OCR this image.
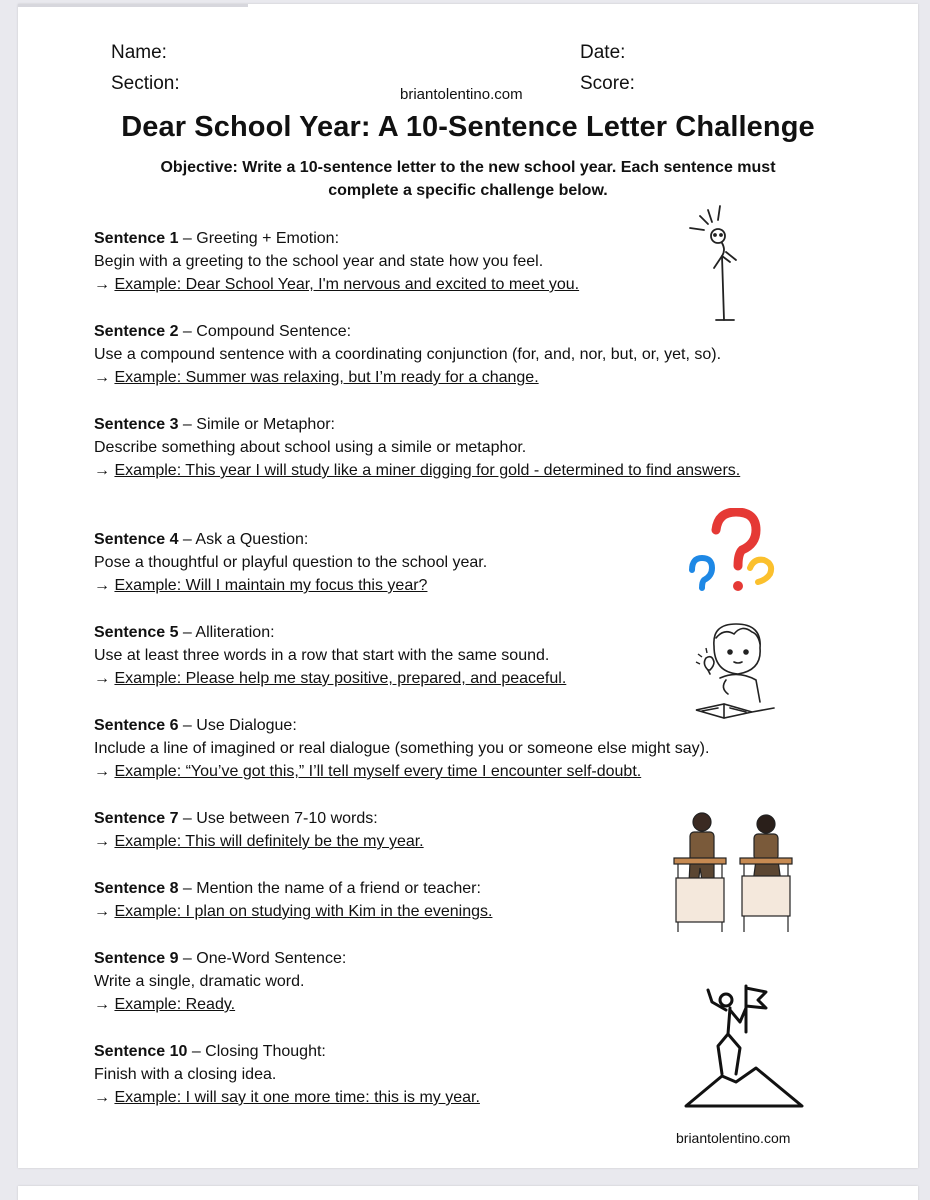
Name:	Date:
Section:	Score:
briantolentino.com
Dear School Year: A 10-Sentence Letter Challenge
Objective: Write a 10-sentence letter to the new school year. Each sentence must complete a specific challenge below.
Sentence 1 – Greeting + Emotion:
Begin with a greeting to the school year and state how you feel.
→ Example: Dear School Year, I'm nervous and excited to meet you.
Sentence 2 – Compound Sentence:
Use a compound sentence with a coordinating conjunction (for, and, nor, but, or, yet, so).
→ Example: Summer was relaxing, but I’m ready for a change.
Sentence 3 – Simile or Metaphor:
Describe something about school using a simile or metaphor.
→ Example: This year I will study like a miner digging for gold - determined to find answers.
Sentence 4 – Ask a Question:
Pose a thoughtful or playful question to the school year.
→ Example: Will I maintain my focus this year?
Sentence 5 – Alliteration:
Use at least three words in a row that start with the same sound.
→ Example: Please help me stay positive, prepared, and peaceful.
Sentence 6 – Use Dialogue:
Include a line of imagined or real dialogue (something you or someone else might say).
→ Example: “You’ve got this,” I’ll tell myself every time I encounter self-doubt.
Sentence 7 – Use between 7-10 words:
→ Example: This will definitely be the my year.
Sentence 8 – Mention the name of a friend or teacher:
→ Example: I plan on studying with Kim in the evenings.
Sentence 9 – One-Word Sentence:
Write a single, dramatic word.
→ Example: Ready.
Sentence 10 – Closing Thought:
Finish with a closing idea.
→ Example: I will say it one more time: this is my year.
briantolentino.com
